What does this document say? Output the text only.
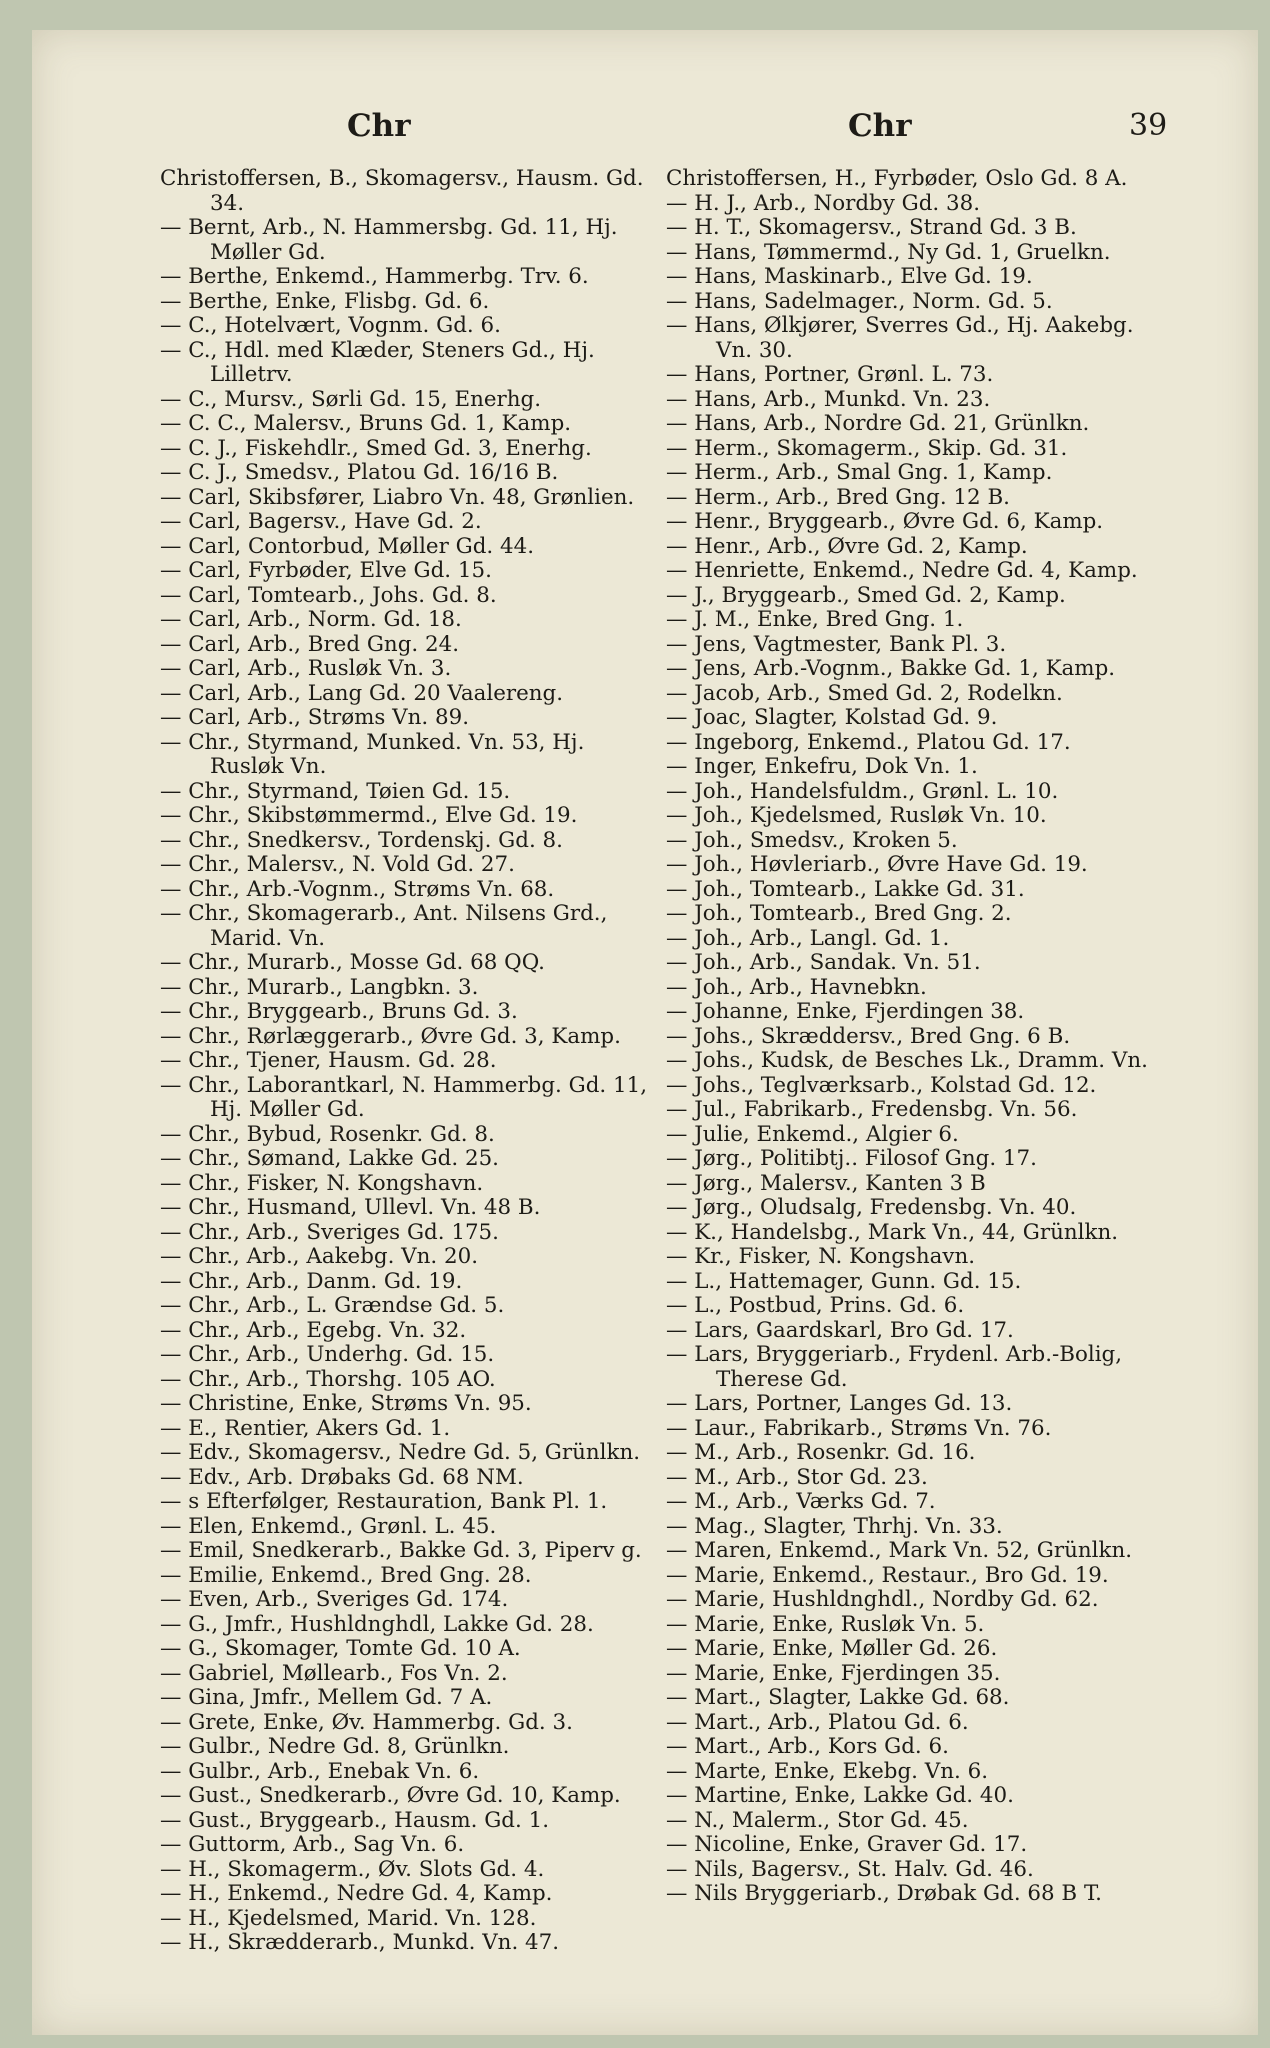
Chr	Chr	39
Christoffersen, B., Skomagersv., Hausm. Gd. 34.
— Bernt, Arb., N. Hammersbg. Gd. 11, Hj. Møller Gd.
— Berthe, Enkemd., Hammerbg. Trv. 6.
— Berthe, Enke, Flisbg. Gd. 6.
— C., Hotelvært, Vognm. Gd. 6.
— C., Hdl. med Klæder, Steners Gd., Hj. Lilletrv.
— C., Mursv., Sørli Gd. 15, Enerhg.
— C. C., Malersv., Bruns Gd. 1, Kamp.
— C. J., Fiskehdlr., Smed Gd. 3, Enerhg.
— C. J., Smedsv., Platou Gd. 16/16 B.
— Carl, Skibsfører, Liabro Vn. 48, Grønlien.
— Carl, Bagersv., Have Gd. 2.
— Carl, Contorbud, Møller Gd. 44.
— Carl, Fyrbøder, Elve Gd. 15.
— Carl, Tomtearb., Johs. Gd. 8.
— Carl, Arb., Norm. Gd. 18.
— Carl, Arb., Bred Gng. 24.
— Carl, Arb., Rusløk Vn. 3.
— Carl, Arb., Lang Gd. 20 Vaalereng.
— Carl, Arb., Strøms Vn. 89.
— Chr., Styrmand, Munked. Vn. 53, Hj. Rusløk Vn.
— Chr., Styrmand, Tøien Gd. 15.
— Chr., Skibstømmermd., Elve Gd. 19.
— Chr., Snedkersv., Tordenskj. Gd. 8.
— Chr., Malersv., N. Vold Gd. 27.
— Chr., Arb.-Vognm., Strøms Vn. 68.
— Chr., Skomagerarb., Ant. Nilsens Grd., Marid. Vn.
— Chr., Murarb., Mosse Gd. 68 QQ.
— Chr., Murarb., Langbkn. 3.
— Chr., Bryggearb., Bruns Gd. 3.
— Chr., Rørlæggerarb., Øvre Gd. 3, Kamp.
— Chr., Tjener, Hausm. Gd. 28.
— Chr., Laborantkarl, N. Hammerbg. Gd. 11, Hj. Møller Gd.
— Chr., Bybud, Rosenkr. Gd. 8.
— Chr., Sømand, Lakke Gd. 25.
— Chr., Fisker, N. Kongshavn.
— Chr., Husmand, Ullevl. Vn. 48 B.
— Chr., Arb., Sveriges Gd. 175.
— Chr., Arb., Aakebg. Vn. 20.
— Chr., Arb., Danm. Gd. 19.
— Chr., Arb., L. Grændse Gd. 5.
— Chr., Arb., Egebg. Vn. 32.
— Chr., Arb., Underhg. Gd. 15.
— Chr., Arb., Thorshg. 105 AO.
— Christine, Enke, Strøms Vn. 95.
— E., Rentier, Akers Gd. 1.
— Edv., Skomagersv., Nedre Gd. 5, Grünlkn.
— Edv., Arb. Drøbaks Gd. 68 NM.
— s Efterfølger, Restauration, Bank Pl. 1.
— Elen, Enkemd., Grønl. L. 45.
— Emil, Snedkerarb., Bakke Gd. 3, Piperv g.
— Emilie, Enkemd., Bred Gng. 28.
— Even, Arb., Sveriges Gd. 174.
— G., Jmfr., Hushldnghdl, Lakke Gd. 28.
— G., Skomager, Tomte Gd. 10 A.
— Gabriel, Møllearb., Fos Vn. 2.
— Gina, Jmfr., Mellem Gd. 7 A.
— Grete, Enke, Øv. Hammerbg. Gd. 3.
— Gulbr., Nedre Gd. 8, Grünlkn.
— Gulbr., Arb., Enebak Vn. 6.
— Gust., Snedkerarb., Øvre Gd. 10, Kamp.
— Gust., Bryggearb., Hausm. Gd. 1.
— Guttorm, Arb., Sag Vn. 6.
— H., Skomagerm., Øv. Slots Gd. 4.
— H., Enkemd., Nedre Gd. 4, Kamp.
— H., Kjedelsmed, Marid. Vn. 128.
— H., Skrædderarb., Munkd. Vn. 47.
Christoffersen, H., Fyrbøder, Oslo Gd. 8 A.
— H. J., Arb., Nordby Gd. 38.
— H. T., Skomagersv., Strand Gd. 3 B.
— Hans, Tømmermd., Ny Gd. 1, Gruelkn.
— Hans, Maskinarb., Elve Gd. 19.
— Hans, Sadelmager., Norm. Gd. 5.
— Hans, Ølkjører, Sverres Gd., Hj. Aakebg. Vn. 30.
— Hans, Portner, Grønl. L. 73.
— Hans, Arb., Munkd. Vn. 23.
— Hans, Arb., Nordre Gd. 21, Grünlkn.
— Herm., Skomagerm., Skip. Gd. 31.
— Herm., Arb., Smal Gng. 1, Kamp.
— Herm., Arb., Bred Gng. 12 B.
— Henr., Bryggearb., Øvre Gd. 6, Kamp.
— Henr., Arb., Øvre Gd. 2, Kamp.
— Henriette, Enkemd., Nedre Gd. 4, Kamp.
— J., Bryggearb., Smed Gd. 2, Kamp.
— J. M., Enke, Bred Gng. 1.
— Jens, Vagtmester, Bank Pl. 3.
— Jens, Arb.-Vognm., Bakke Gd. 1, Kamp.
— Jacob, Arb., Smed Gd. 2, Rodelkn.
— Joac, Slagter, Kolstad Gd. 9.
— Ingeborg, Enkemd., Platou Gd. 17.
— Inger, Enkefru, Dok Vn. 1.
— Joh., Handelsfuldm., Grønl. L. 10.
— Joh., Kjedelsmed, Rusløk Vn. 10.
— Joh., Smedsv., Kroken 5.
— Joh., Høvleriarb., Øvre Have Gd. 19.
— Joh., Tomtearb., Lakke Gd. 31.
— Joh., Tomtearb., Bred Gng. 2.
— Joh., Arb., Langl. Gd. 1.
— Joh., Arb., Sandak. Vn. 51.
— Joh., Arb., Havnebkn.
— Johanne, Enke, Fjerdingen 38.
— Johs., Skræddersv., Bred Gng. 6 B.
— Johs., Kudsk, de Besches Lk., Dramm. Vn.
— Johs., Teglværksarb., Kolstad Gd. 12.
— Jul., Fabrikarb., Fredensbg. Vn. 56.
— Julie, Enkemd., Algier 6.
— Jørg., Politibtj.. Filosof Gng. 17.
— Jørg., Malersv., Kanten 3 B
— Jørg., Oludsalg, Fredensbg. Vn. 40.
— K., Handelsbg., Mark Vn., 44, Grünlkn.
— Kr., Fisker, N. Kongshavn.
— L., Hattemager, Gunn. Gd. 15.
— L., Postbud, Prins. Gd. 6.
— Lars, Gaardskarl, Bro Gd. 17.
— Lars, Bryggeriarb., Frydenl. Arb.-Bolig, Therese Gd.
— Lars, Portner, Langes Gd. 13.
— Laur., Fabrikarb., Strøms Vn. 76.
— M., Arb., Rosenkr. Gd. 16.
— M., Arb., Stor Gd. 23.
— M., Arb., Værks Gd. 7.
— Mag., Slagter, Thrhj. Vn. 33.
— Maren, Enkemd., Mark Vn. 52, Grünlkn.
— Marie, Enkemd., Restaur., Bro Gd. 19.
— Marie, Hushldnghdl., Nordby Gd. 62.
— Marie, Enke, Rusløk Vn. 5.
— Marie, Enke, Møller Gd. 26.
— Marie, Enke, Fjerdingen 35.
— Mart., Slagter, Lakke Gd. 68.
— Mart., Arb., Platou Gd. 6.
— Mart., Arb., Kors Gd. 6.
— Marte, Enke, Ekebg. Vn. 6.
— Martine, Enke, Lakke Gd. 40.
— N., Malerm., Stor Gd. 45.
— Nicoline, Enke, Graver Gd. 17.
— Nils, Bagersv., St. Halv. Gd. 46.
— Nils Bryggeriarb., Drøbak Gd. 68 B T.
